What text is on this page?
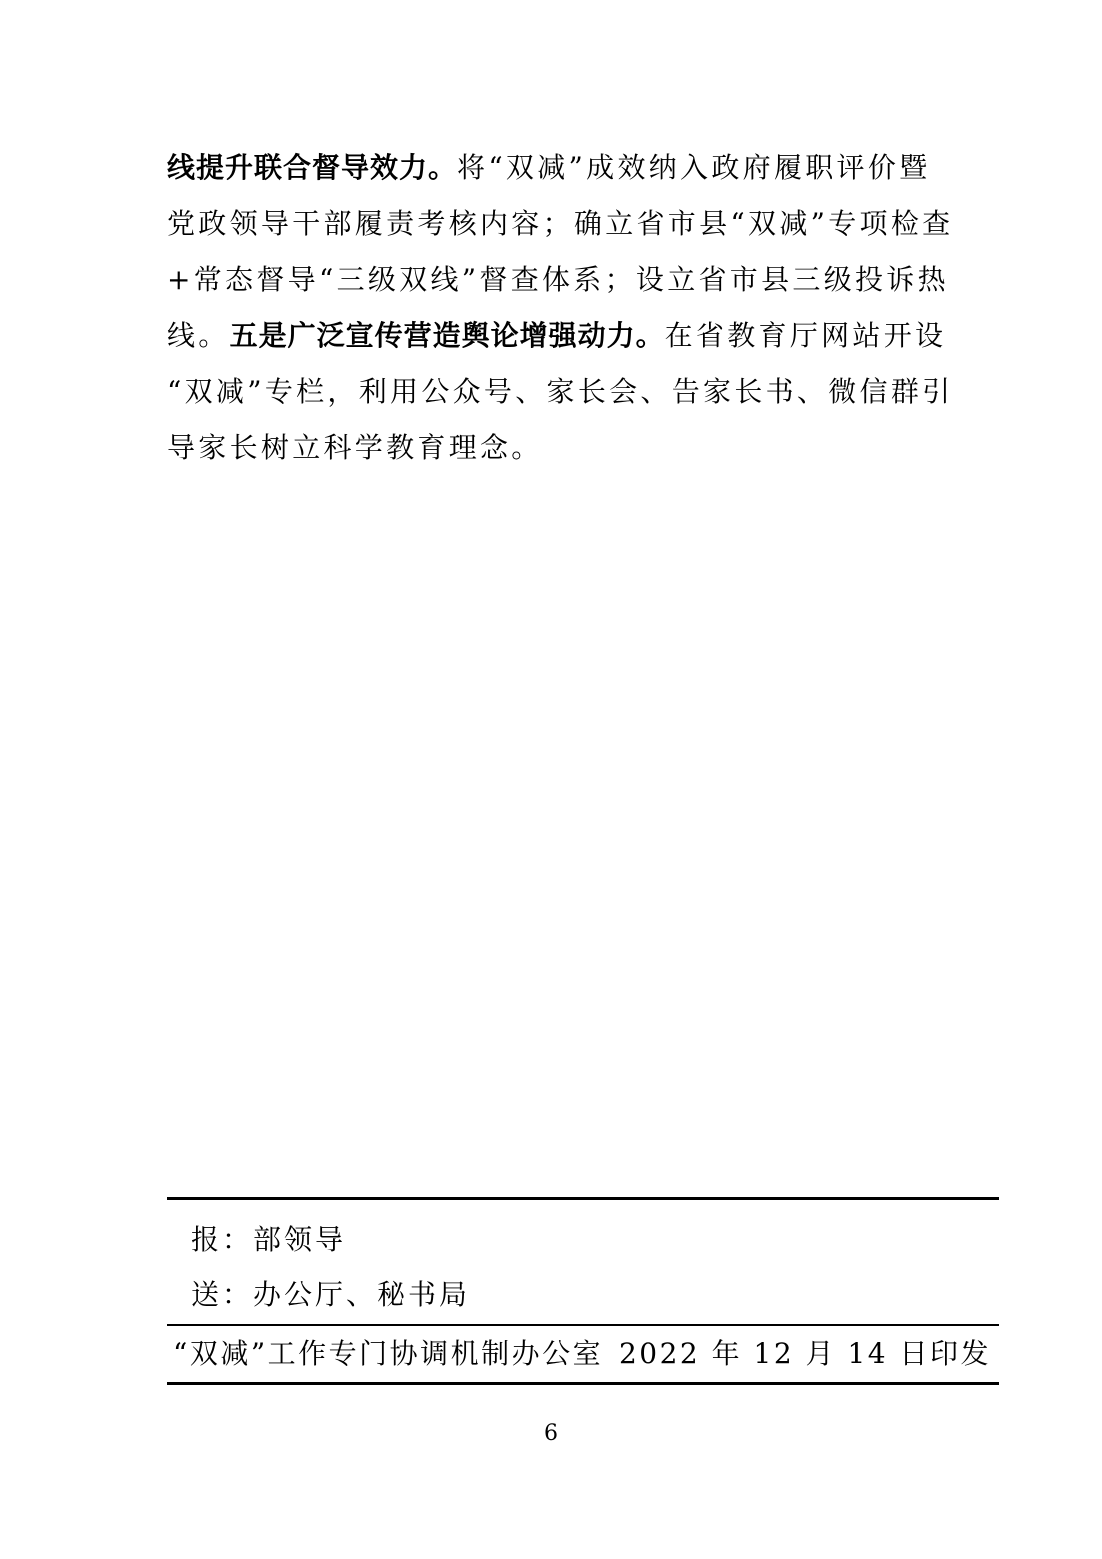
线提升联合督导效力。将“双减”成效纳入政府履职评价暨
党政领导干部履责考核内容；确立省市县“双减”专项检查
+常态督导“三级双线”督查体系；设立省市县三级投诉热
线。五是广泛宣传营造舆论增强动力。在省教育厅网站开设
“双减”专栏，利用公众号、家长会、告家长书、微信群引
导家长树立科学教育理念。
报：部领导
送：办公厅、秘书局
“双减”工作专门协调机制办公室 2022 年 12 月 14 日印发
6
